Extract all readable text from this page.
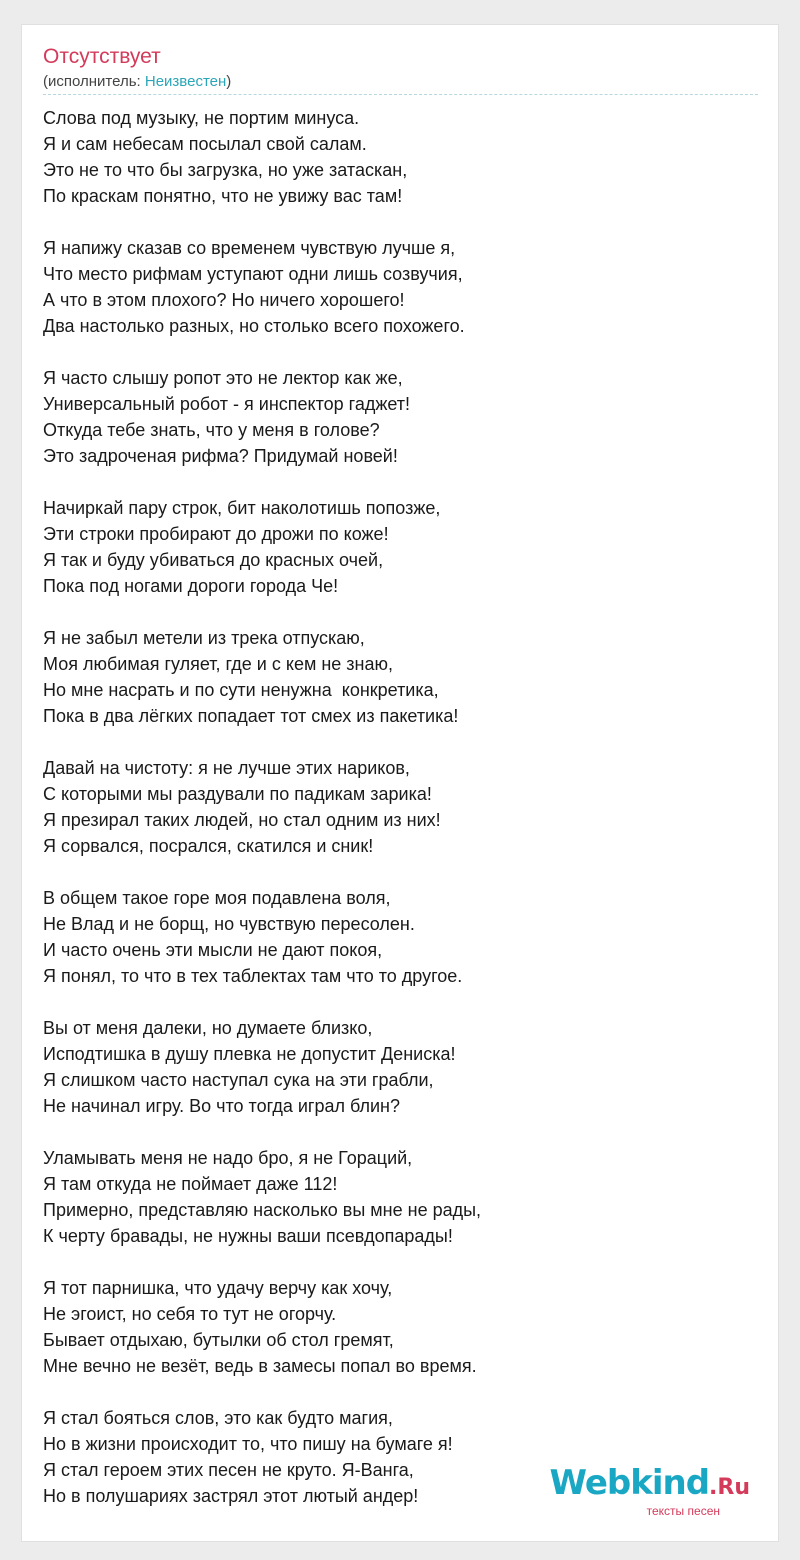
Отсутствует
(исполнитель: Неизвестен)
Слова под музыку, не портим минуса.
Я и сам небесам посылал свой салам.
Это не то что бы загрузка, но уже затаскан,
По краскам понятно, что не увижу вас там!
Я напижу сказав со временем чувствую лучше я,
Что место рифмам уступают одни лишь созвучия,
А что в этом плохого? Но ничего хорошего!
Два настолько разных, но столько всего похожего.
Я часто слышу ропот это не лектор как же,
Универсальный робот - я инспектор гаджет!
Откуда тебе знать, что у меня в голове?
Это задроченая рифма? Придумай новей!
Начиркай пару строк, бит наколотишь попозже,
Эти строки пробирают до дрожи по коже!
Я так и буду убиваться до красных очей,
Пока под ногами дороги города Че!
Я не забыл метели из трека отпускаю,
Моя любимая гуляет, где и с кем не знаю,
Но мне насрать и по сути ненужна  конкретика,
Пока в два лёгких попадает тот смех из пакетика!
Давай на чистоту: я не лучше этих нариков,
С которыми мы раздували по падикам зарика!
Я презирал таких людей, но стал одним из них!
Я сорвался, посрался, скатился и сник!
В общем такое горе моя подавлена воля,
Не Влад и не борщ, но чувствую пересолен.
И часто очень эти мысли не дают покоя,
Я понял, то что в тех таблектах там что то другое.
Вы от меня далеки, но думаете близко,
Исподтишка в душу плевка не допустит Дениска!
Я слишком часто наступал сука на эти грабли,
Не начинал игру. Во что тогда играл блин?
Уламывать меня не надо бро, я не Гораций,
Я там откуда не поймает даже 112!
Примерно, представляю насколько вы мне не рады,
К черту бравады, не нужны ваши псевдопарады!
Я тот парнишка, что удачу верчу как хочу,
Не эгоист, но себя то тут не огорчу.
Бывает отдыхаю, бутылки об стол гремят,
Мне вечно не везёт, ведь в замесы попал во время.
Я стал бояться слов, это как будто магия,
Но в жизни происходит то, что пишу на бумаге я!
Я стал героем этих песен не круто. Я-Ванга,
Но в полушариях застрял этот лютый андер!	Webkind.Ru
тексты песен
